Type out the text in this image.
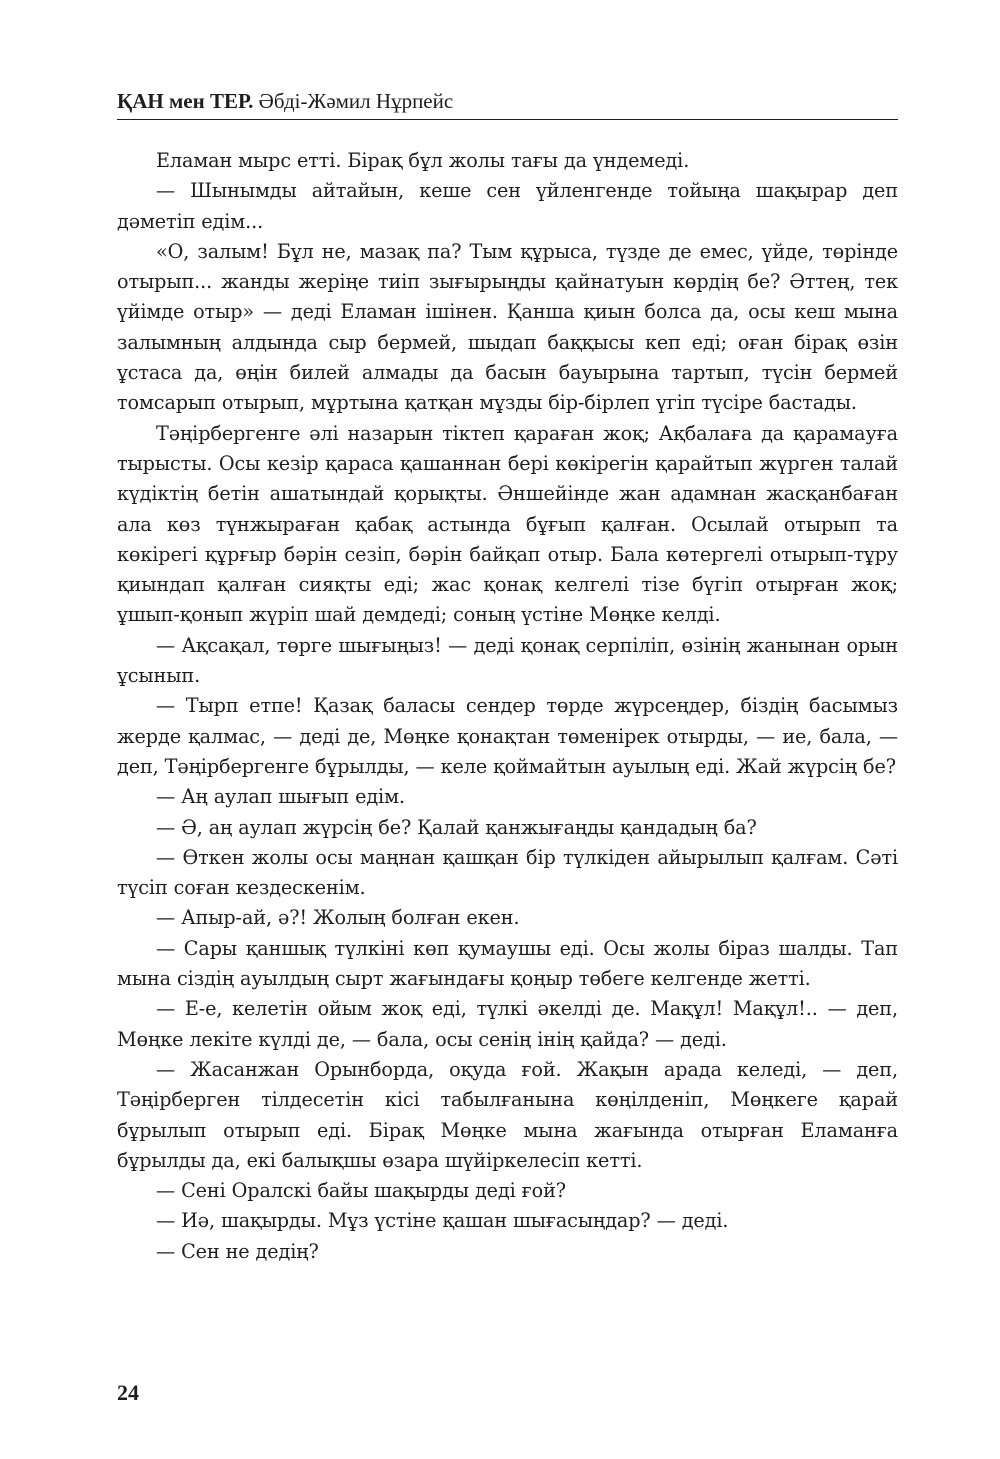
ҚАН мен ТЕР. Әбді-Жәмил Нұрпейс

Еламан мырс етті. Бірақ бұл жолы тағы да үндемеді.

— Шынымды айтайын, кеше сен үйленгенде тойыңа шақырар деп дәметіп едім...

«О, залым! Бұл не, мазақ па? Тым құрыса, түзде де емес, үйде, төрінде отырып... жанды жеріңе тиіп зығырыңды қайнатуын көрдің бе? Әттең, тек үйімде отыр» — деді Еламан ішінен. Қанша қиын болса да, осы кеш мына залымның алдында сыр бермей, шыдап баққысы кеп еді; оған бірақ өзін ұстаса да, өңін билей алмады да басын бауырына тартып, түсін бермей томсарып отырып, мұртына қатқан мұзды бір-бірлеп үгіп түсіре бастады.

Тәңірбергенге әлі назарын тіктеп қараған жоқ; Ақбалаға да қарамауға тырысты. Осы кезір қараса қашаннан бері көкірегін қарайтып жүрген талай күдіктің бетін ашатындай қорықты. Әншейінде жан адамнан жасқанбаған ала көз түнжыраған қабақ астында бұғып қалған. Осылай отырып та көкірегі құрғыр бәрін сезіп, бәрін байқап отыр. Бала көтергелі отырып-тұру қиындап қалған сияқты еді; жас қонақ келгелі тізе бүгіп отырған жоқ; ұшып-қонып жүріп шай демдеді; соның үстіне Мөңке келді.

— Ақсақал, төрге шығыңыз! — деді қонақ серпіліп, өзінің жанынан орын ұсынып.

— Тырп етпе! Қазақ баласы сендер төрде жүрсеңдер, біздің басымыз жерде қалмас, — деді де, Мөңке қонақтан төменірек отырды, — ие, бала, — деп, Тәңірбергенге бұрылды, — келе қоймайтын ауылың еді. Жай жүрсің бе?

— Аң аулап шығып едім.

— Ә, аң аулап жүрсің бе? Қалай қанжығаңды қандадың ба?

— Өткен жолы осы маңнан қашқан бір түлкіден айырылып қалғам. Сәті түсіп соған кездескенім.

— Апыр-ай, ә?! Жолың болған екен.

— Сары қаншық түлкіні көп қумаушы еді. Осы жолы біраз шалды. Тап мына сіздің ауылдың сырт жағындағы қоңыр төбеге келгенде жетті.

— Е-е, келетін ойым жоқ еді, түлкі әкелді де. Мақұл! Мақұл!.. — деп, Мөңке лекіте күлді де, — бала, осы сенің інің қайда? — деді.

— Жасанжан Орынборда, оқуда ғой. Жақын арада келеді, — деп, Тәңірберген тілдесетін кісі табылғанына көңілденіп, Мөңкеге қарай бұрылып отырып еді. Бірақ Мөңке мына жағында отырған Еламанға бұрылды да, екі балықшы өзара шүйіркелесіп кетті.

— Сені Оралскі байы шақырды деді ғой?

— Иә, шақырды. Мұз үстіне қашан шығасыңдар? — деді.

— Сен не дедің?

24
